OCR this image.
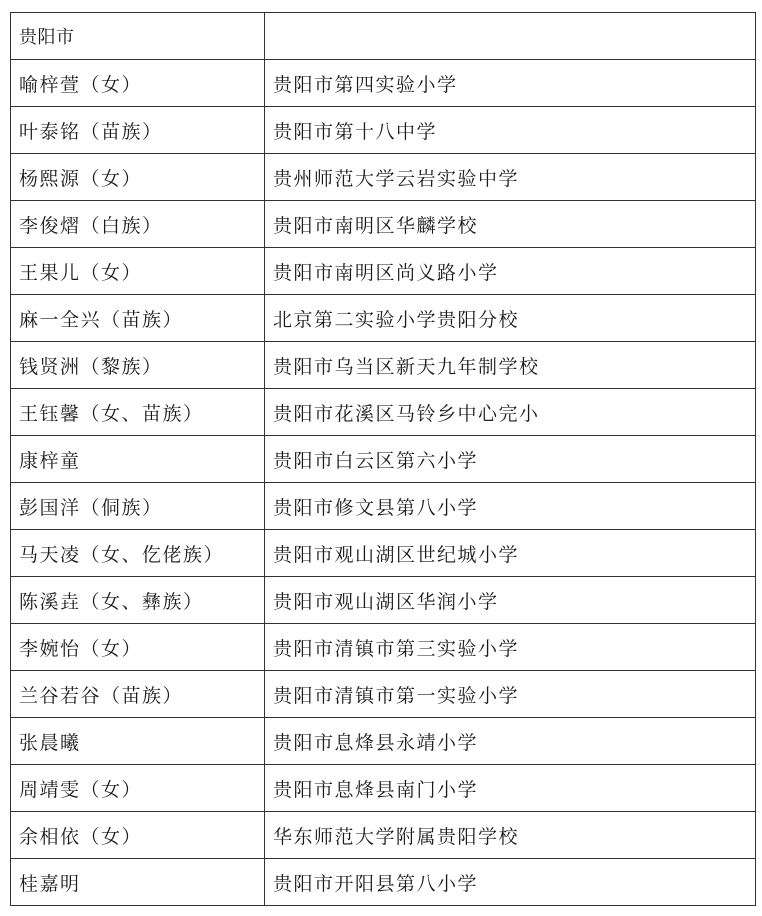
贵阳市	
喻梓萱（女）	贵阳市第四实验小学
叶泰铭（苗族）	贵阳市第十八中学
杨熙源（女）	贵州师范大学云岩实验中学
李俊熠（白族）	贵阳市南明区华麟学校
王果儿（女）	贵阳市南明区尚义路小学
麻一全兴（苗族）	北京第二实验小学贵阳分校
钱贤洲（黎族）	贵阳市乌当区新天九年制学校
王钰馨（女、苗族）	贵阳市花溪区马铃乡中心完小
康梓童	贵阳市白云区第六小学
彭国洋（侗族）	贵阳市修文县第八小学
马天凌（女、仡佬族）	贵阳市观山湖区世纪城小学
陈溪垚（女、彝族）	贵阳市观山湖区华润小学
李婉怡（女）	贵阳市清镇市第三实验小学
兰谷若谷（苗族）	贵阳市清镇市第一实验小学
张晨曦	贵阳市息烽县永靖小学
周靖雯（女）	贵阳市息烽县南门小学
余相依（女）	华东师范大学附属贵阳学校
桂嘉明	贵阳市开阳县第八小学
